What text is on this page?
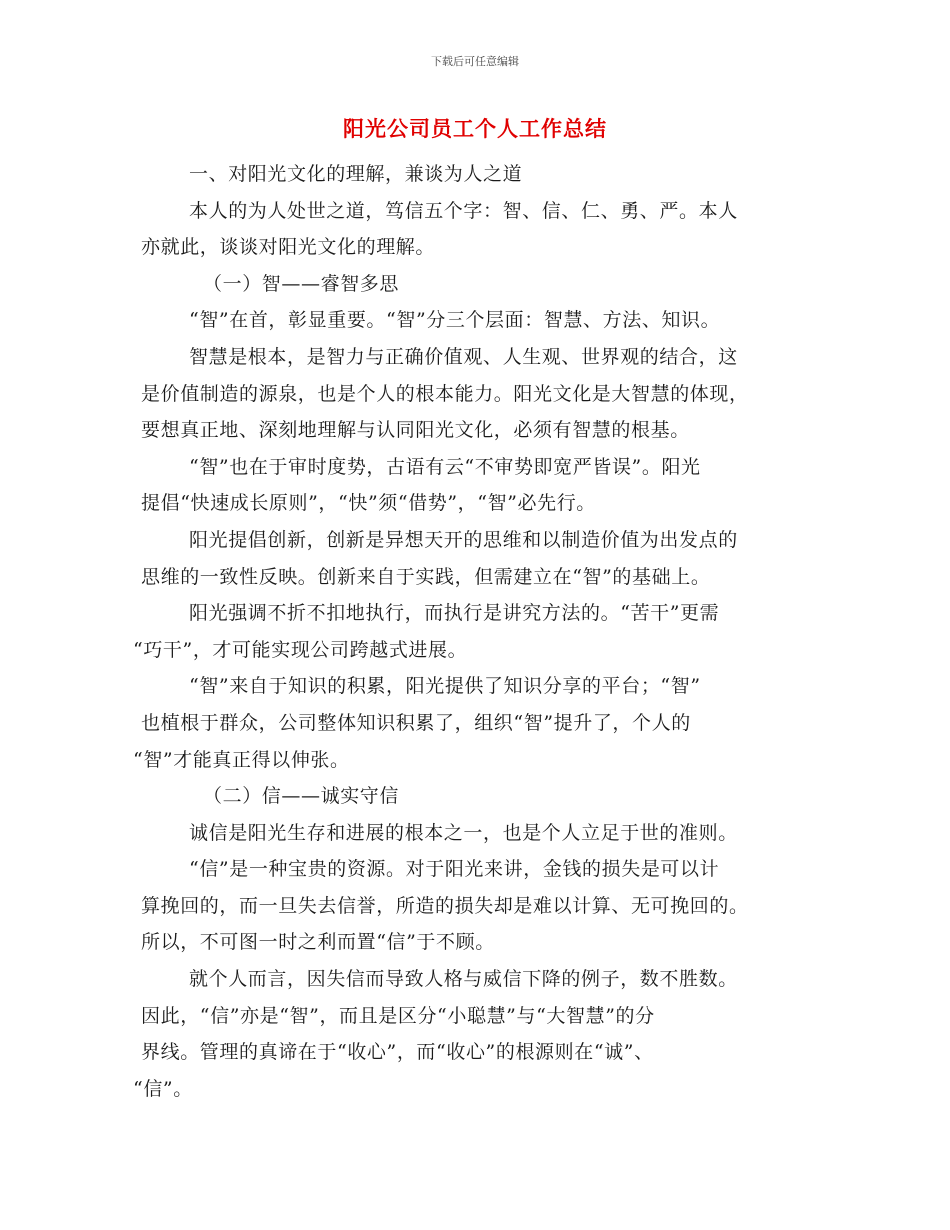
下载后可任意编辑
阳光公司员工个人工作总结
一、对阳光文化的理解，兼谈为人之道
本人的为人处世之道，笃信五个字：智、信、仁、勇、严。本人
亦就此，谈谈对阳光文化的理解。
（一）智——睿智多思
“智”在首，彰显重要。“智”分三个层面：智慧、方法、知识。
智慧是根本，是智力与正确价值观、人生观、世界观的结合，这
是价值制造的源泉，也是个人的根本能力。阳光文化是大智慧的体现，
要想真正地、深刻地理解与认同阳光文化，必须有智慧的根基。
“智”也在于审时度势，古语有云“不审势即宽严皆误”。阳光
提倡“快速成长原则”，“快”须“借势”，“智”必先行。
阳光提倡创新，创新是异想天开的思维和以制造价值为出发点的
思维的一致性反映。创新来自于实践，但需建立在“智”的基础上。
阳光强调不折不扣地执行，而执行是讲究方法的。“苦干”更需
“巧干”，才可能实现公司跨越式进展。
“智”来自于知识的积累，阳光提供了知识分享的平台；“智”
也植根于群众，公司整体知识积累了，组织“智”提升了，个人的
“智”才能真正得以伸张。
（二）信——诚实守信
诚信是阳光生存和进展的根本之一，也是个人立足于世的准则。
“信”是一种宝贵的资源。对于阳光来讲，金钱的损失是可以计
算挽回的，而一旦失去信誉，所造的损失却是难以计算、无可挽回的。
所以，不可图一时之利而置“信”于不顾。
就个人而言，因失信而导致人格与威信下降的例子，数不胜数。
因此，“信”亦是“智”，而且是区分“小聪慧”与“大智慧”的分
界线。管理的真谛在于“收心”，而“收心”的根源则在“诚”、
“信”。
